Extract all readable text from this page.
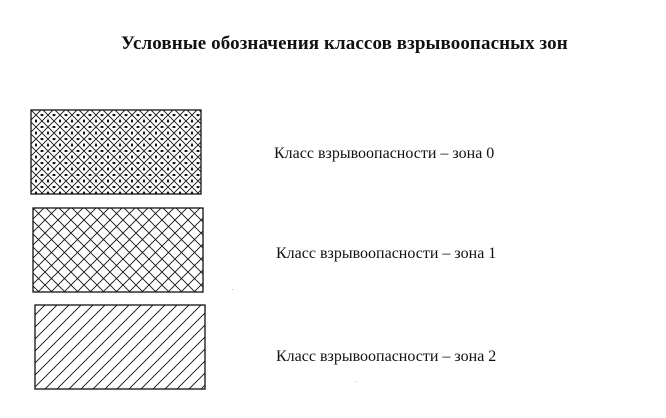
Условные обозначения классов взрывоопасных зон
Класс взрывоопасности – зона 0
Класс взрывоопасности – зона 1
Класс взрывоопасности – зона 2
